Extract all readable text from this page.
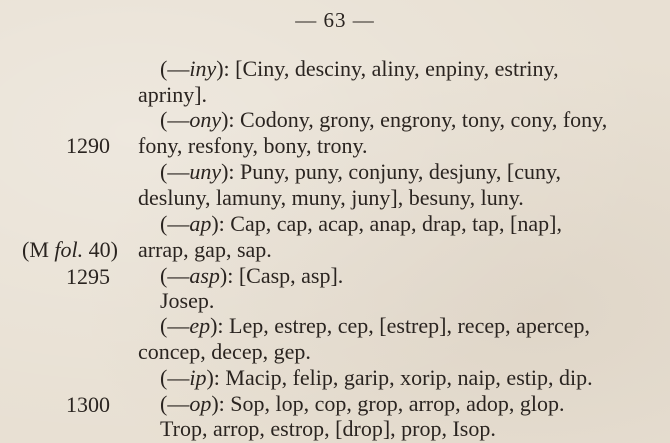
— 63 —
1290
(M fol. 40)
1295
1300
(—iny): [Ciny, desciny, aliny, enpiny, estriny,
apriny].
(—ony): Codony, grony, engrony, tony, cony, fony,
fony, resfony, bony, trony.
(—uny): Puny, puny, conjuny, desjuny, [cuny,
desluny, lamuny, muny, juny], besuny, luny.
(—ap): Cap, cap, acap, anap, drap, tap, [nap],
arrap, gap, sap.
(—asp): [Casp, asp].
Josep.
(—ep): Lep, estrep, cep, [estrep], recep, apercep,
concep, decep, gep.
(—ip): Macip, felip, garip, xorip, naip, estip, dip.
(—op): Sop, lop, cop, grop, arrop, adop, glop.
Trop, arrop, estrop, [drop], prop, Isop.
